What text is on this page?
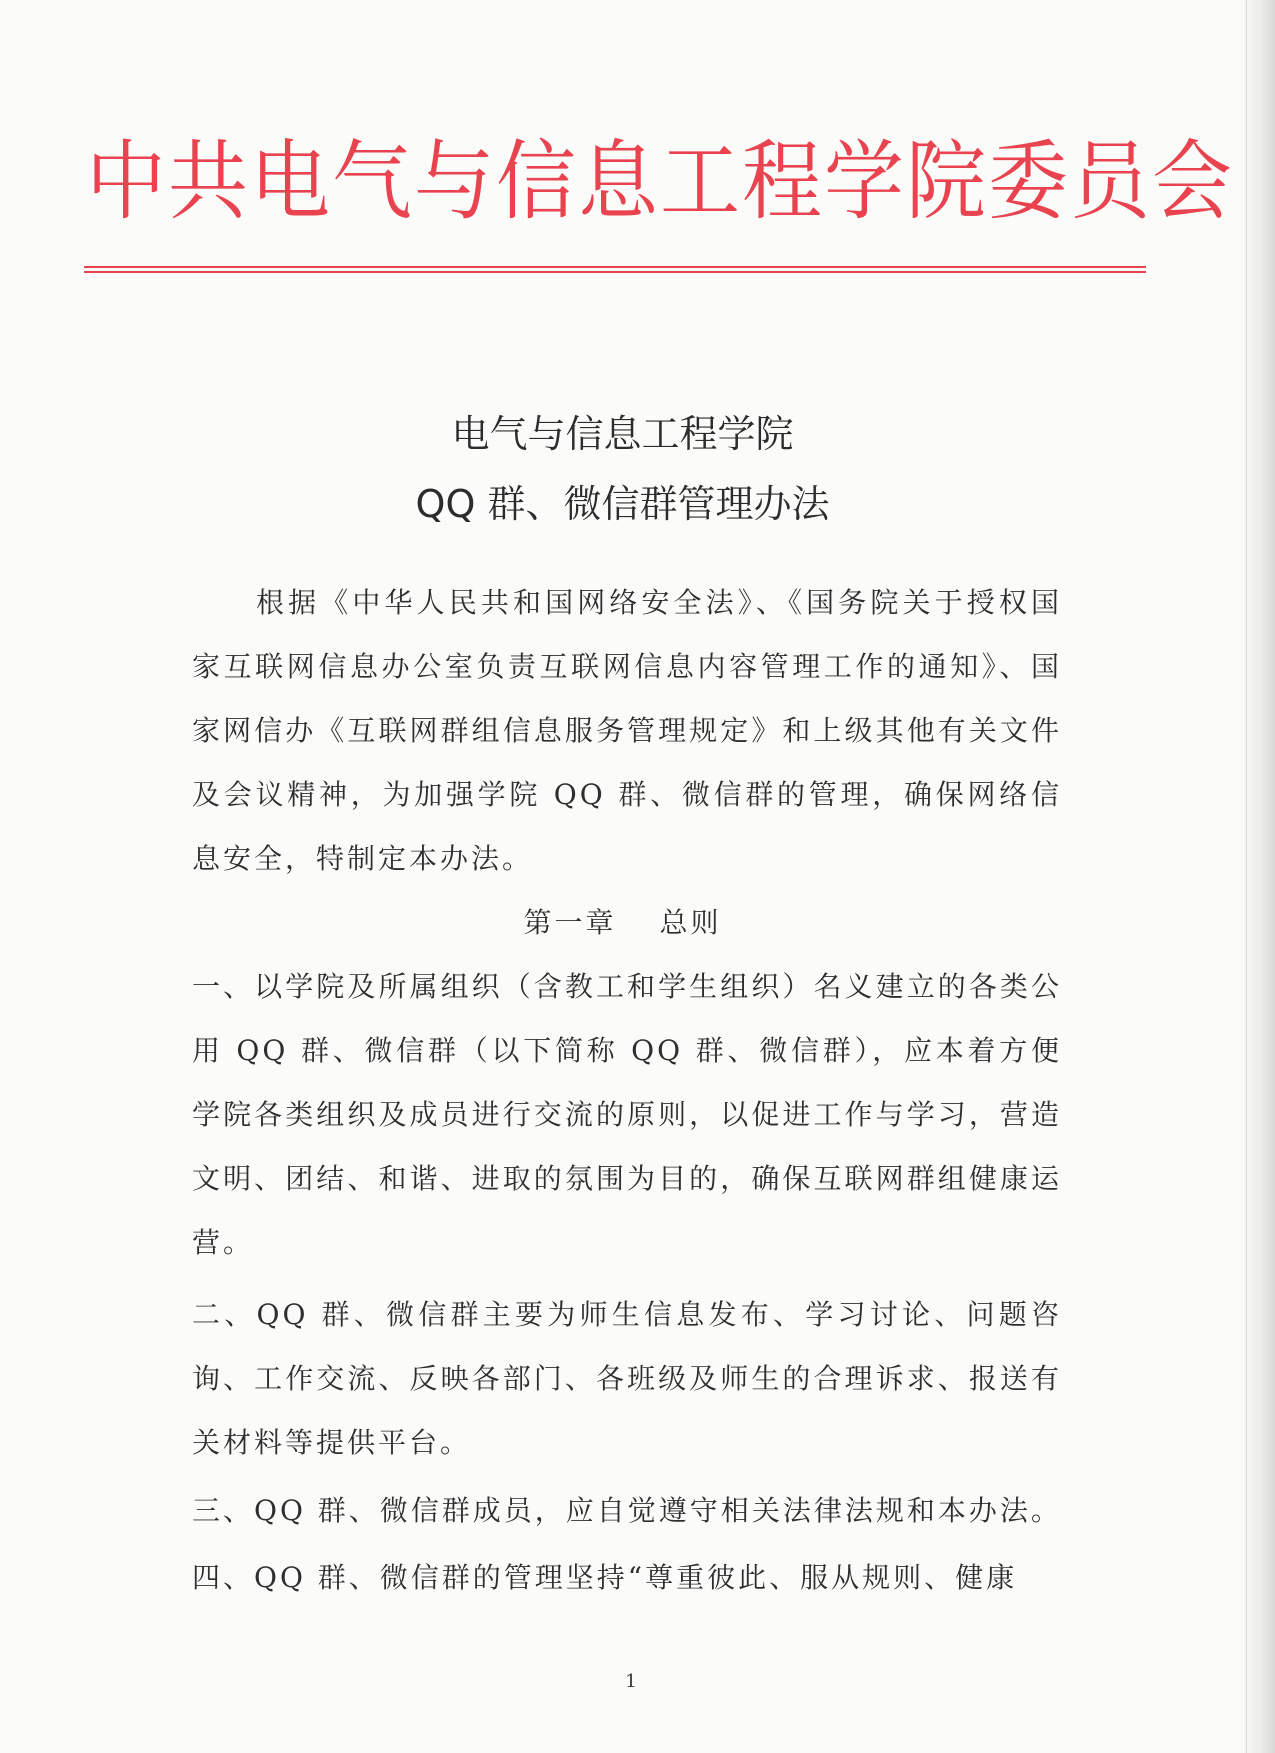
中共电气与信息工程学院委员会
电气与信息工程学院
QQ 群、微信群管理办法

根据《中华人民共和国网络安全法》、《国务院关于授权国家互联网信息办公室负责互联网信息内容管理工作的通知》、国家网信办《互联网群组信息服务管理规定》和上级其他有关文件及会议精神，为加强学院 QQ 群、微信群的管理，确保网络信息安全，特制定本办法。

第一章　 总则

一、以学院及所属组织（含教工和学生组织）名义建立的各类公用 QQ 群、微信群（以下简称 QQ 群、微信群），应本着方便学院各类组织及成员进行交流的原则，以促进工作与学习，营造文明、团结、和谐、进取的氛围为目的，确保互联网群组健康运营。

二、QQ 群、微信群主要为师生信息发布、学习讨论、问题咨询、工作交流、反映各部门、各班级及师生的合理诉求、报送有关材料等提供平台。

三、QQ 群、微信群成员，应自觉遵守相关法律法规和本办法。

四、QQ 群、微信群的管理坚持“尊重彼此、服从规则、健康

1
